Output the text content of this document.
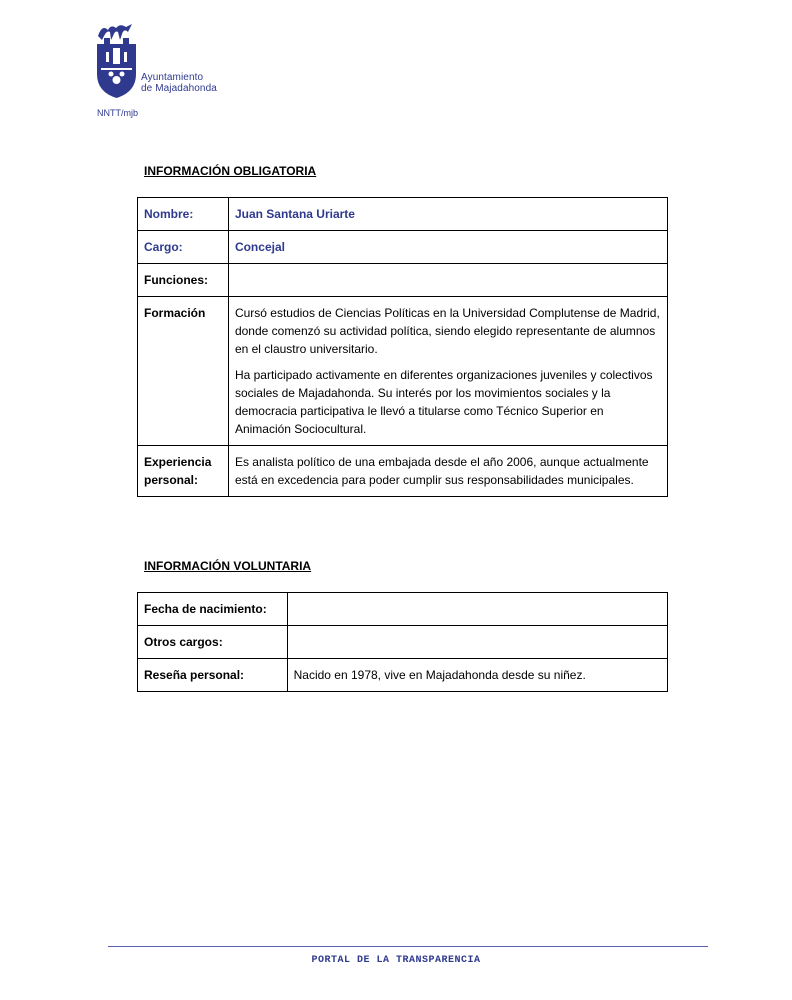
Ayuntamiento
de Majadahonda
NNTT/mjb
INFORMACIÓN OBLIGATORIA
Nombre:	Juan Santana Uriarte
Cargo:	Concejal
Funciones:	
Formación	Cursó estudios de Ciencias Políticas en la Universidad Complutense de Madrid, donde comenzó su actividad política, siendo elegido representante de alumnos en el claustro universitario.

Ha participado activamente en diferentes organizaciones juveniles y colectivos sociales de Majadahonda. Su interés por los movimientos sociales y la democracia participativa le llevó a titularse como Técnico Superior en Animación Sociocultural.

Experiencia personal:	Es analista político de una embajada desde el año 2006, aunque actualmente está en excedencia para poder cumplir sus responsabilidades municipales.
INFORMACIÓN VOLUNTARIA
Fecha de nacimiento:	
Otros cargos:	
Reseña personal:	Nacido en 1978, vive en Majadahonda desde su niñez.
PORTAL DE LA TRANSPARENCIA
